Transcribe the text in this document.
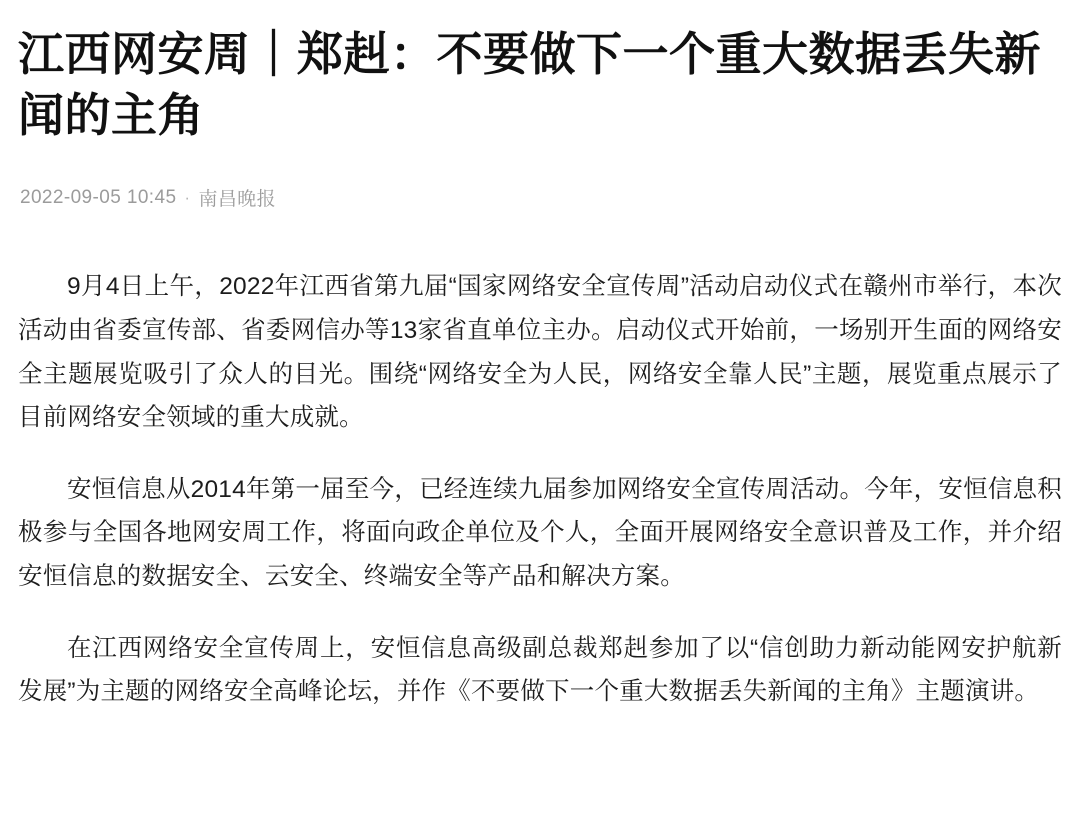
江西网安周｜郑赳：不要做下一个重大数据丢失新闻的主角
2022-09-05 10:45 · 南昌晚报

9月4日上午，2022年江西省第九届“国家网络安全宣传周”活动启动仪式在赣州市举行，本次活动由省委宣传部、省委网信办等13家省直单位主办。启动仪式开始前，一场别开生面的网络安全主题展览吸引了众人的目光。围绕“网络安全为人民，网络安全靠人民”主题，展览重点展示了目前网络安全领域的重大成就。

安恒信息从2014年第一届至今，已经连续九届参加网络安全宣传周活动。今年，安恒信息积极参与全国各地网安周工作，将面向政企单位及个人，全面开展网络安全意识普及工作，并介绍安恒信息的数据安全、云安全、终端安全等产品和解决方案。

在江西网络安全宣传周上，安恒信息高级副总裁郑赳参加了以“信创助力新动能网安护航新发展”为主题的网络安全高峰论坛，并作《不要做下一个重大数据丢失新闻的主角》主题演讲。
